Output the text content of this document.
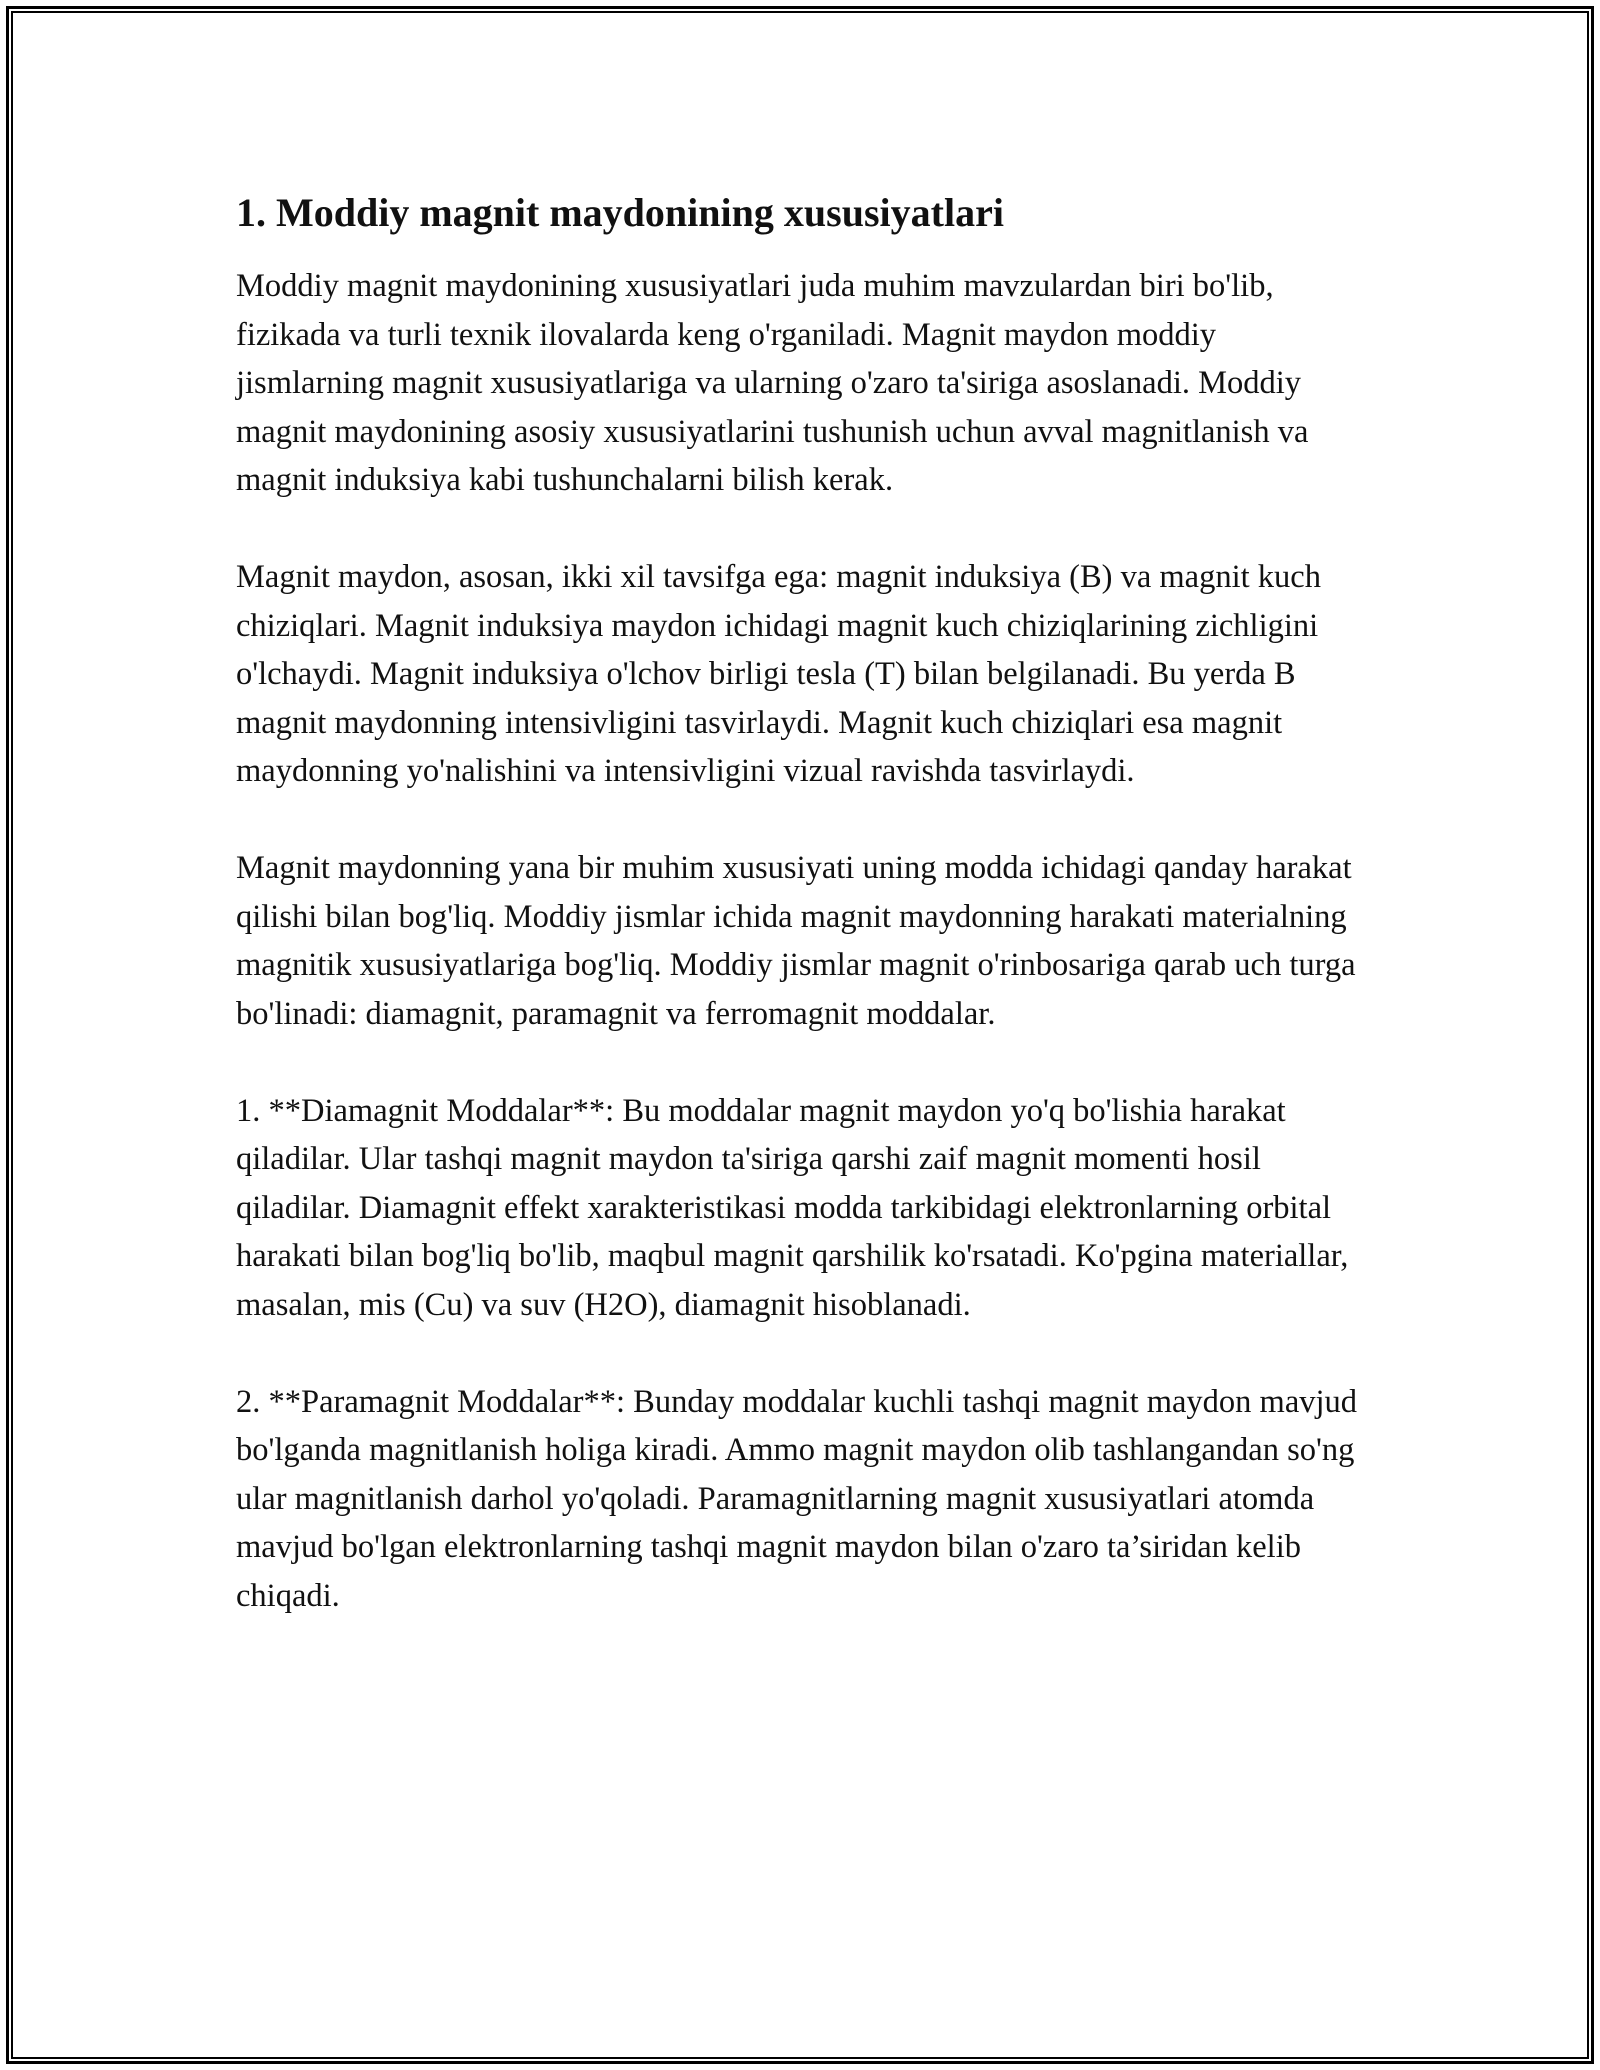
1. Moddiy magnit maydonining xususiyatlari

Moddiy magnit maydonining xususiyatlari juda muhim mavzulardan biri bo'lib, fizikada va turli texnik ilovalarda keng o'rganiladi. Magnit maydon moddiy jismlarning magnit xususiyatlariga va ularning o'zaro ta'siriga asoslanadi. Moddiy magnit maydonining asosiy xususiyatlarini tushunish uchun avval magnitlanish va magnit induksiya kabi tushunchalarni bilish kerak.

Magnit maydon, asosan, ikki xil tavsifga ega: magnit induksiya (B) va magnit kuch chiziqlari. Magnit induksiya maydon ichidagi magnit kuch chiziqlarining zichligini o'lchaydi. Magnit induksiya o'lchov birligi tesla (T) bilan belgilanadi. Bu yerda B magnit maydonning intensivligini tasvirlaydi. Magnit kuch chiziqlari esa magnit maydonning yo'nalishini va intensivligini vizual ravishda tasvirlaydi.

Magnit maydonning yana bir muhim xususiyati uning modda ichidagi qanday harakat qilishi bilan bog'liq. Moddiy jismlar ichida magnit maydonning harakati materialning magnitik xususiyatlariga bog'liq. Moddiy jismlar magnit o'rinbosariga qarab uch turga bo'linadi: diamagnit, paramagnit va ferromagnit moddalar.

1. **Diamagnit Moddalar**: Bu moddalar magnit maydon yo'q bo'lishia harakat qiladilar. Ular tashqi magnit maydon ta'siriga qarshi zaif magnit momenti hosil qiladilar. Diamagnit effekt xarakteristikasi modda tarkibidagi elektronlarning orbital harakati bilan bog'liq bo'lib, maqbul magnit qarshilik ko'rsatadi. Ko'pgina materiallar, masalan, mis (Cu) va suv (H2O), diamagnit hisoblanadi.

2. **Paramagnit Moddalar**: Bunday moddalar kuchli tashqi magnit maydon mavjud bo'lganda magnitlanish holiga kiradi. Ammo magnit maydon olib tashlangandan so'ng ular magnitlanish darhol yo'qoladi. Paramagnitlarning magnit xususiyatlari atomda mavjud bo'lgan elektronlarning tashqi magnit maydon bilan o'zaro ta’siridan kelib chiqadi.
